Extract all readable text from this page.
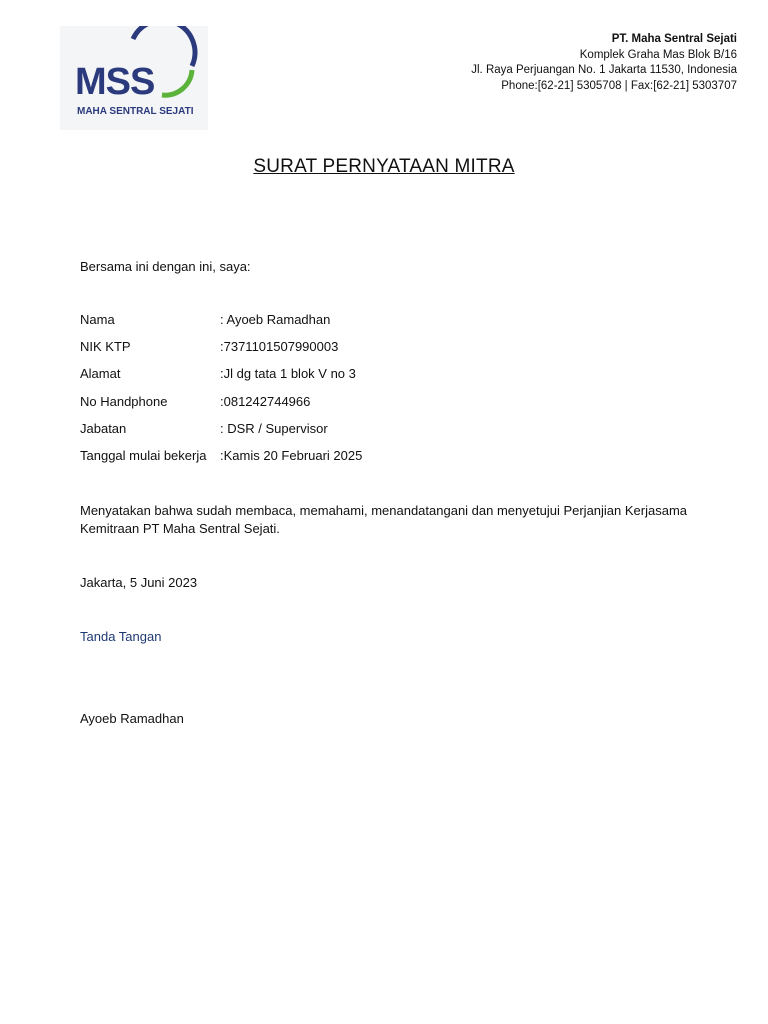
MSS
MAHA SENTRAL SEJATI
PT. Maha Sentral Sejati
Komplek Graha Mas Blok B/16
Jl. Raya Perjuangan No. 1 Jakarta 11530, Indonesia
Phone:[62-21] 5305708 | Fax:[62-21] 5303707
SURAT PERNYATAAN MITRA
Bersama ini dengan ini, saya:
Nama	: Ayoeb Ramadhan
NIK KTP	:7371101507990003
Alamat	:Jl dg tata 1 blok V no 3
No Handphone	:081242744966
Jabatan	: DSR / Supervisor
Tanggal mulai bekerja	:Kamis 20 Februari 2025
Menyatakan bahwa sudah membaca, memahami, menandatangani dan menyetujui Perjanjian Kerjasama Kemitraan PT Maha Sentral Sejati.
Jakarta, 5 Juni 2023
Tanda Tangan
Ayoeb Ramadhan
